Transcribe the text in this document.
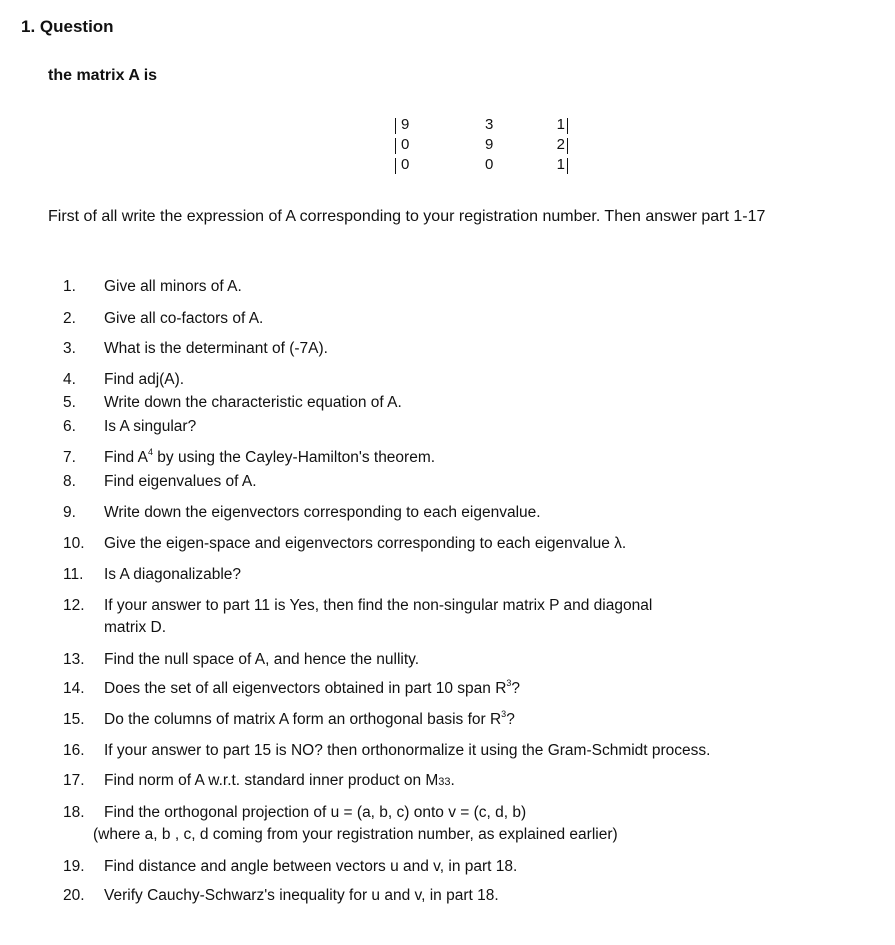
1. Question
the matrix A is
9	3	1
0	9	2
0	0	1
First of all write the expression of A corresponding to your registration number. Then answer part 1-17
1. Give all minors of A.
2. Give all co-factors of A.
3. What is the determinant of (-7A).
4. Find adj(A).
5. Write down the characteristic equation of A.
6. Is A singular?
7. Find $A^4$ by using the Cayley-Hamilton's theorem.
8. Find eigenvalues of A.
9. Write down the eigenvectors corresponding to each eigenvalue.
10. Give the eigen-space and eigenvectors corresponding to each eigenvalue λ.
11. Is A diagonalizable?
12. If your answer to part 11 is Yes, then find the non-singular matrix P and diagonal
matrix D.
13. Find the null space of A, and hence the nullity.
14. Does the set of all eigenvectors obtained in part 10 span $R^3$?
15. Do the columns of matrix A form an orthogonal basis for $R^3$?
16. If your answer to part 15 is NO? then orthonormalize it using the Gram-Schmidt process.
17. Find norm of A w.r.t. standard inner product on M33.
18. Find the orthogonal projection of u = (a, b, c) onto v = (c, d, b)
(where a, b , c, d coming from your registration number, as explained earlier)
19. Find distance and angle between vectors u and v, in part 18.
20. Verify Cauchy-Schwarz's inequality for u and v, in part 18.
